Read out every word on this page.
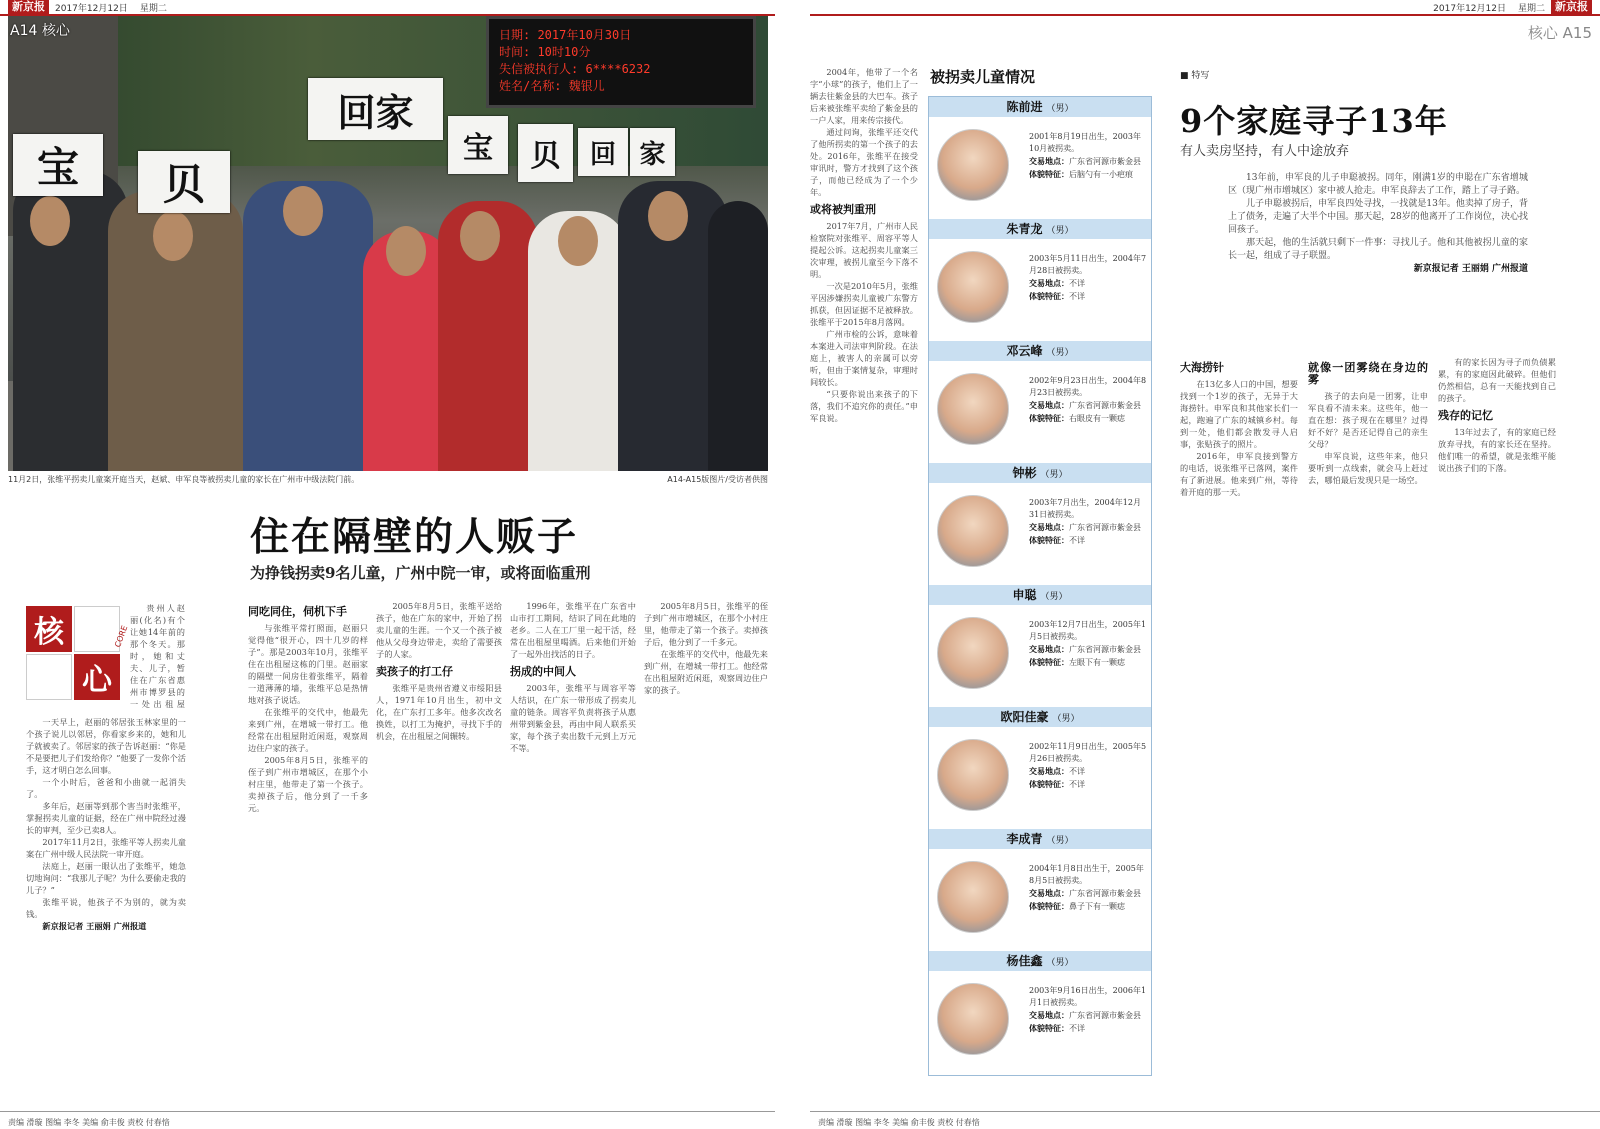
新京报	2017年12月12日 星期二
日期: 2017年10月30日
时间: 10时10分
失信被执行人: 6****6232
姓名/名称: 魏银儿
宝	贝
回家
宝	贝	回 家
A14 核心
11月2日，张维平拐卖儿童案开庭当天，赵斌、申军良等被拐卖儿童的家长在广州市中级法院门前。	A14-A15版图片/受访者供图
住在隔壁的人贩子
为挣钱拐卖9名儿童，广州中院一审，或将面临重刑
核
心
CORE

贵州人赵丽(化名)有个让她14年前的那个冬天。那时，她和丈夫、儿子，暂住在广东省惠州市博罗县的一处出租屋

一天早上，赵丽的邻居张玉林家里的一个孩子说儿以邻居，你看家乡来的，她和儿子就被卖了。邻居家的孩子告诉赵丽：“你是不是要把儿子们发给你？”他要了一发你个活手，这才明白怎么回事。

一个小时后，爸爸和小曲就一起消失了。

多年后，赵丽等到那个害当时张维平，掌握拐卖儿童的证据，经在广州中院经过漫长的审判，至少已卖8人。

2017年11月2日，张维平等人拐卖儿童案在广州中级人民法院一审开庭。

法庭上，赵丽一眼认出了张维平，她急切地询问：“我那儿子呢？为什么要偷走我的儿子？”

张维平说，他孩子不为别的，就为卖钱。

新京报记者 王丽娟 广州报道

同吃同住，伺机下手

与张维平常打照面，赵丽只觉得他“很开心，四十几岁的样子”。那是2003年10月，张维平住在出租屋这栋的门里。赵丽家的隔壁一间房住着张维平，隔着一道薄薄的墙，张维平总是热情地对孩子说话。

在张维平的交代中，他最先来到广州，在增城一带打工。他经常在出租屋附近闲逛，观察周边住户家的孩子。

2005年8月5日，张维平的侄子到广州市增城区，在那个小村庄里，他带走了第一个孩子。卖掉孩子后，他分到了一千多元。

2005年8月5日，张维平送给孩子，他在广东的家中，开始了拐卖儿童的生涯。一个又一个孩子被他从父母身边带走，卖给了需要孩子的人家。

卖孩子的打工仔

张维平是贵州省遵义市绥阳县人，1971年10月出生，初中文化，在广东打工多年。他多次改名换姓，以打工为掩护，寻找下手的机会，在出租屋之间辗转。

1996年，张维平在广东省中山市打工期间，结识了同在此地的老乡。二人在工厂里一起干活，经常在出租屋里喝酒。后来他们开始了一起外出找活的日子。

拐成的中间人

2003年，张维平与周容平等人结识，在广东一带形成了拐卖儿童的链条。周容平负责将孩子从惠州带到紫金县，再由中间人联系买家，每个孩子卖出数千元到上万元不等。

2005年8月5日，张维平的侄子到广州市增城区，在那个小村庄里，他带走了第一个孩子。卖掉孩子后，他分到了一千多元。

在张维平的交代中，他最先来到广州，在增城一带打工。他经常在出租屋附近闲逛，观察周边住户家的孩子。

责编 滑璇 图编 李冬 美编 俞丰俊 责校 付春愔
2017年12月12日 星期二 新京报
核心 A15

2004年，他带了一个名字“小球”的孩子，他们上了一辆去往紫金县的大巴车。孩子后来被张维平卖给了紫金县的一户人家，用来传宗接代。

通过问询，张维平还交代了他所拐卖的第一个孩子的去处。2016年，张维平在接受审讯时，警方才找到了这个孩子，而他已经成为了一个少年。

或将被判重刑

2017年7月，广州市人民检察院对张维平、周容平等人提起公诉。这起拐卖儿童案三次审理，被拐儿童至今下落不明。

一次是2010年5月，张维平因涉嫌拐卖儿童被广东警方抓获，但因证据不足被释放。张维平于2015年8月落网。

广州市检的公诉，意味着本案进入司法审判阶段。在法庭上，被害人的亲属可以旁听，但由于案情复杂，审理时间较长。

“只要你说出来孩子的下落，我们不追究你的责任。”申军良说。

被拐卖儿童情况
陈前进 （男）
2001年8月19日出生，2003年10月被拐卖。
交易地点：广东省河源市紫金县
体貌特征：后脑勺有一小疤痕
朱青龙 （男）
2003年5月11日出生，2004年7月28日被拐卖。
交易地点：不详
体貌特征：不详
邓云峰 （男）
2002年9月23日出生，2004年8月23日被拐卖。
交易地点：广东省河源市紫金县
体貌特征：右眼皮有一颗痣
钟彬 （男）
2003年7月出生，2004年12月31日被拐卖。
交易地点：广东省河源市紫金县
体貌特征：不详
申聪 （男）
2003年12月7日出生，2005年1月5日被拐卖。
交易地点：广东省河源市紫金县
体貌特征：左眼下有一颗痣
欧阳佳豪 （男）
2002年11月9日出生，2005年5月26日被拐卖。
交易地点：不详
体貌特征：不详
李成青 （男）
2004年1月8日出生于，2005年8月5日被拐卖。
交易地点：广东省河源市紫金县
体貌特征：鼻子下有一颗痣
杨佳鑫 （男）
2003年9月16日出生，2006年1月1日被拐卖。
交易地点：广东省河源市紫金县
体貌特征：不详
■ 特写
9个家庭寻子13年
有人卖房坚持，有人中途放弃

13年前，申军良的儿子申聪被拐。同年，刚满1岁的申聪在广东省增城区（现广州市增城区）家中被人抢走。申军良辞去了工作，踏上了寻子路。

儿子申聪被拐后，申军良四处寻找，一找就是13年。他卖掉了房子，背上了债务，走遍了大半个中国。那天起，28岁的他离开了工作岗位，决心找回孩子。

那天起，他的生活就只剩下一件事：寻找儿子。他和其他被拐儿童的家长一起，组成了寻子联盟。

新京报记者 王丽娟 广州报道

大海捞针

在13亿多人口的中国，想要找到一个1岁的孩子，无异于大海捞针。申军良和其他家长们一起，跑遍了广东的城镇乡村。每到一处，他们都会散发寻人启事，张贴孩子的照片。

2016年，申军良接到警方的电话，说张维平已落网，案件有了新进展。他来到广州，等待着开庭的那一天。

就像一团雾绕在身边的雾

孩子的去向是一团雾，让申军良看不清未来。这些年，他一直在想：孩子现在在哪里？过得好不好？是否还记得自己的亲生父母？

申军良说，这些年来，他只要听到一点线索，就会马上赶过去，哪怕最后发现只是一场空。

有的家长因为寻子而负债累累，有的家庭因此破碎。但他们仍然相信，总有一天能找到自己的孩子。

残存的记忆

13年过去了，有的家庭已经放弃寻找，有的家长还在坚持。他们唯一的希望，就是张维平能说出孩子们的下落。

责编 滑璇 图编 李冬 美编 俞丰俊 责校 付春愔
